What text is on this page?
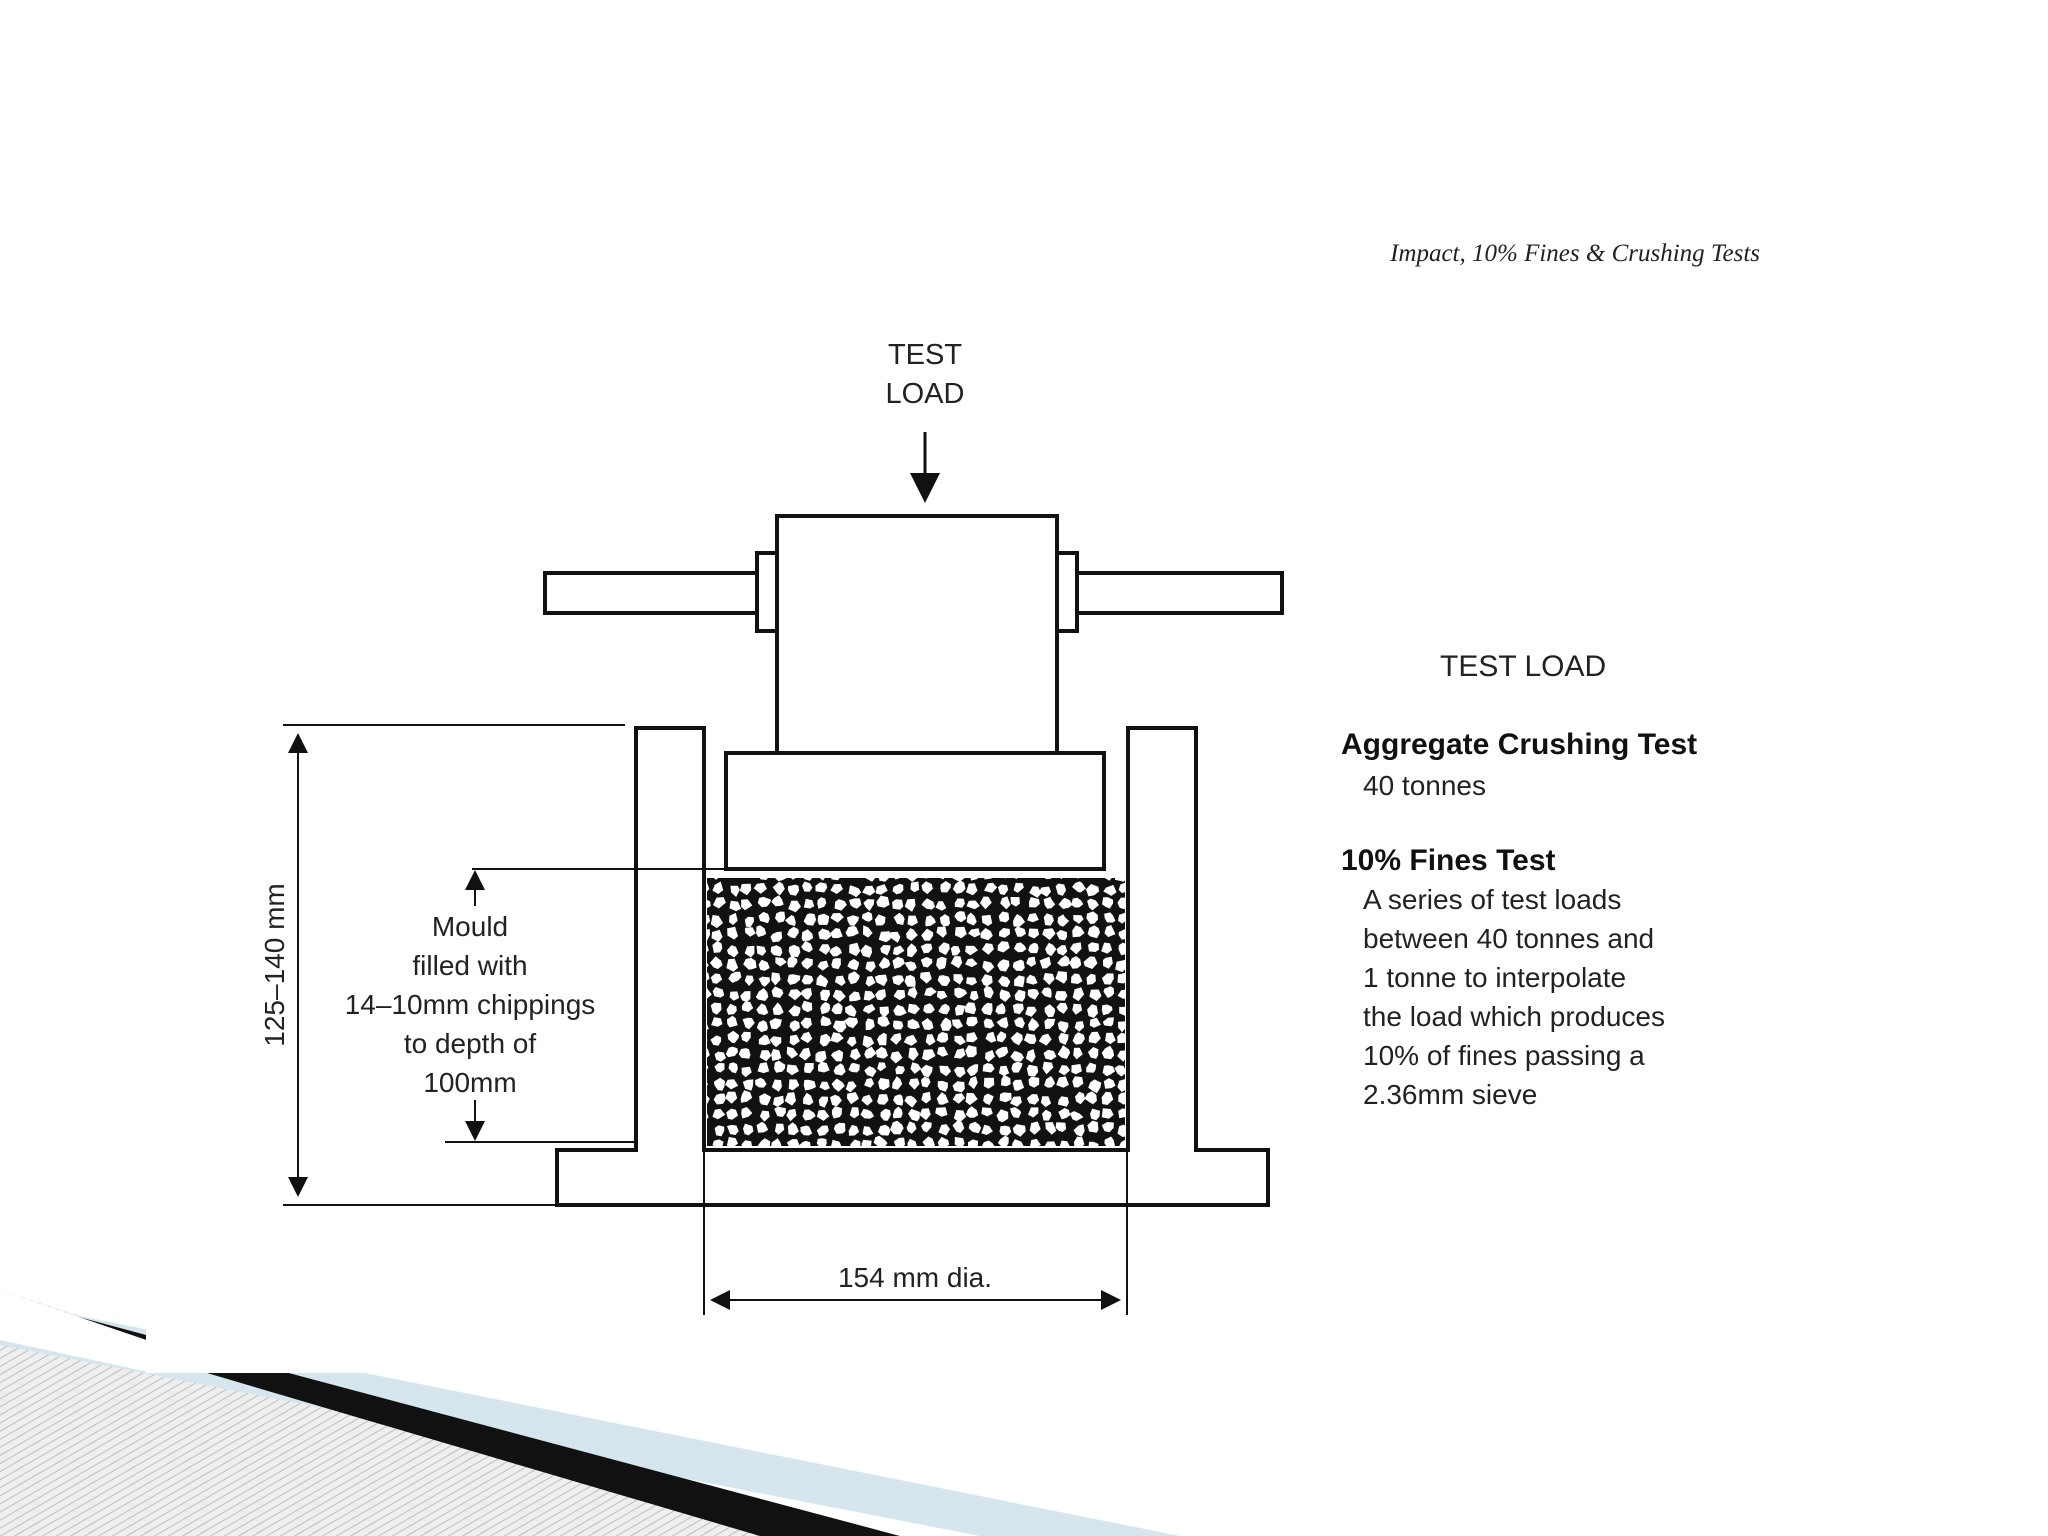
Impact, 10% Fines & Crushing Tests
TEST
LOAD
Mould
filled with
14–10mm chippings
to depth of
100mm
125–140 mm
154 mm dia.
TEST LOAD
Aggregate Crushing Test
40 tonnes
10% Fines Test
A series of test loads
between 40 tonnes and
1 tonne to interpolate
the load which produces
10% of fines passing a
2.36mm sieve
